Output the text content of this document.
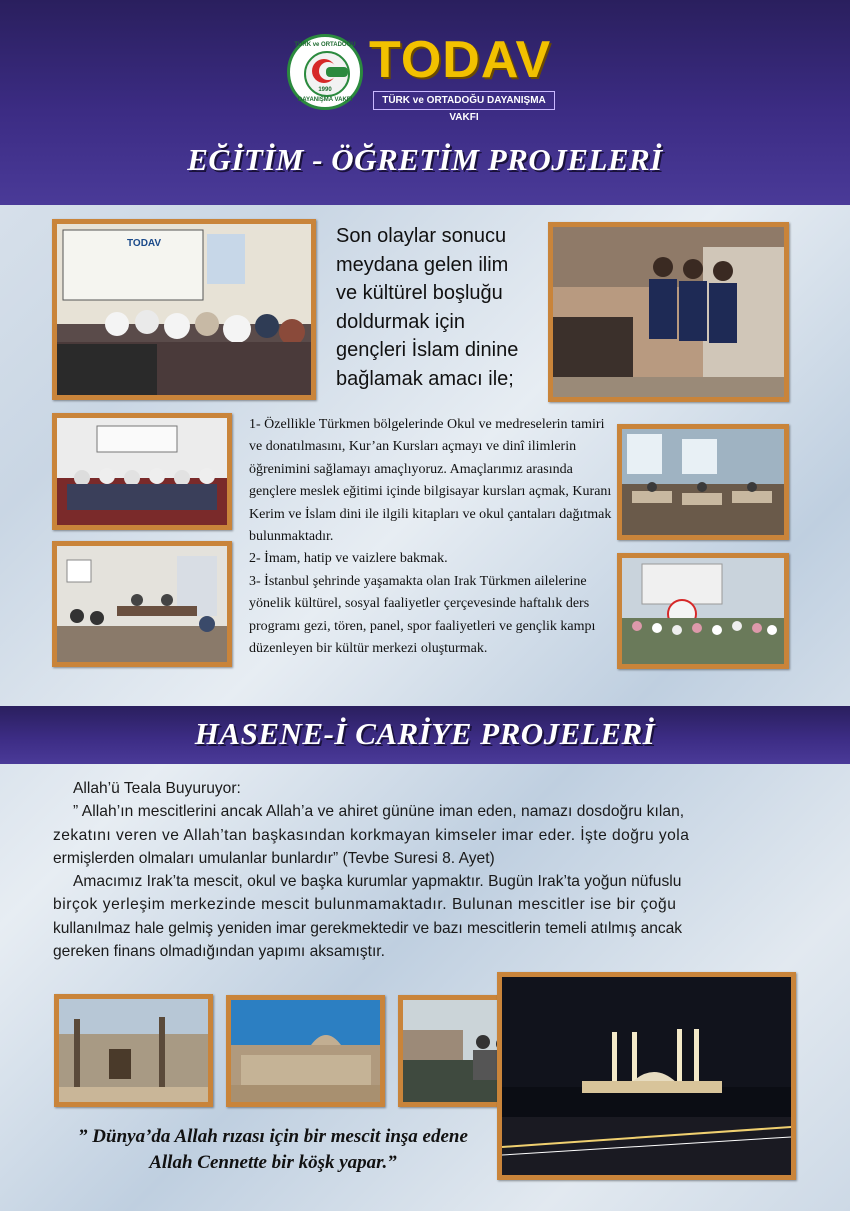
TÜRK ve ORTADOĞU
1990
DAYANIŞMA VAKFI
TODAV
TÜRK ve ORTADOĞU DAYANIŞMA VAKFI
EĞİTİM - ÖĞRETİM PROJELERİ
TODAV	Son olaylar sonucu
meydana gelen ilim
ve kültürel boşluğu
doldurmak için
gençleri İslam dinine
bağlamak amacı ile;
1- Özellikle Türkmen bölgelerinde Okul ve medreselerin tamiri
ve donatılmasını, Kur’an Kursları açmayı ve dinî ilimlerin
öğrenimini sağlamayı amaçlıyoruz. Amaçlarımız arasında
gençlere meslek eğitimi içinde bilgisayar kursları açmak, Kuranı
Kerim ve İslam dini ile ilgili kitapları ve okul çantaları dağıtmak
bulunmaktadır.
2- İmam, hatip ve vaizlere bakmak.
3- İstanbul şehrinde yaşamakta olan Irak Türkmen ailelerine
yönelik kültürel, sosyal faaliyetler çerçevesinde haftalık ders
programı gezi, tören, panel, spor faaliyetleri ve gençlik kampı
düzenleyen bir kültür merkezi oluşturmak.
HASENE-İ CARİYE PROJELERİ
Allah’ü Teala Buyuruyor:
” Allah’ın mescitlerini ancak Allah’a ve ahiret gününe iman eden, namazı dosdoğru kılan,
zekatını veren ve Allah’tan başkasından korkmayan kimseler imar eder. İşte doğru yola
ermişlerden olmaları umulanlar bunlardır” (Tevbe Suresi 8. Ayet)
Amacımız Irak’ta mescit, okul ve başka kurumlar yapmaktır. Bugün Irak’ta yoğun nüfuslu
birçok yerleşim merkezinde mescit bulunmamaktadır. Bulunan mescitler ise bir çoğu
kullanılmaz hale gelmiş yeniden imar gerekmektedir ve bazı mescitlerin temeli atılmış ancak
gereken finans olmadığından yapımı aksamıştır.
” Dünya’da Allah rızası için bir mescit inşa edene
Allah Cennette bir köşk yapar.”
